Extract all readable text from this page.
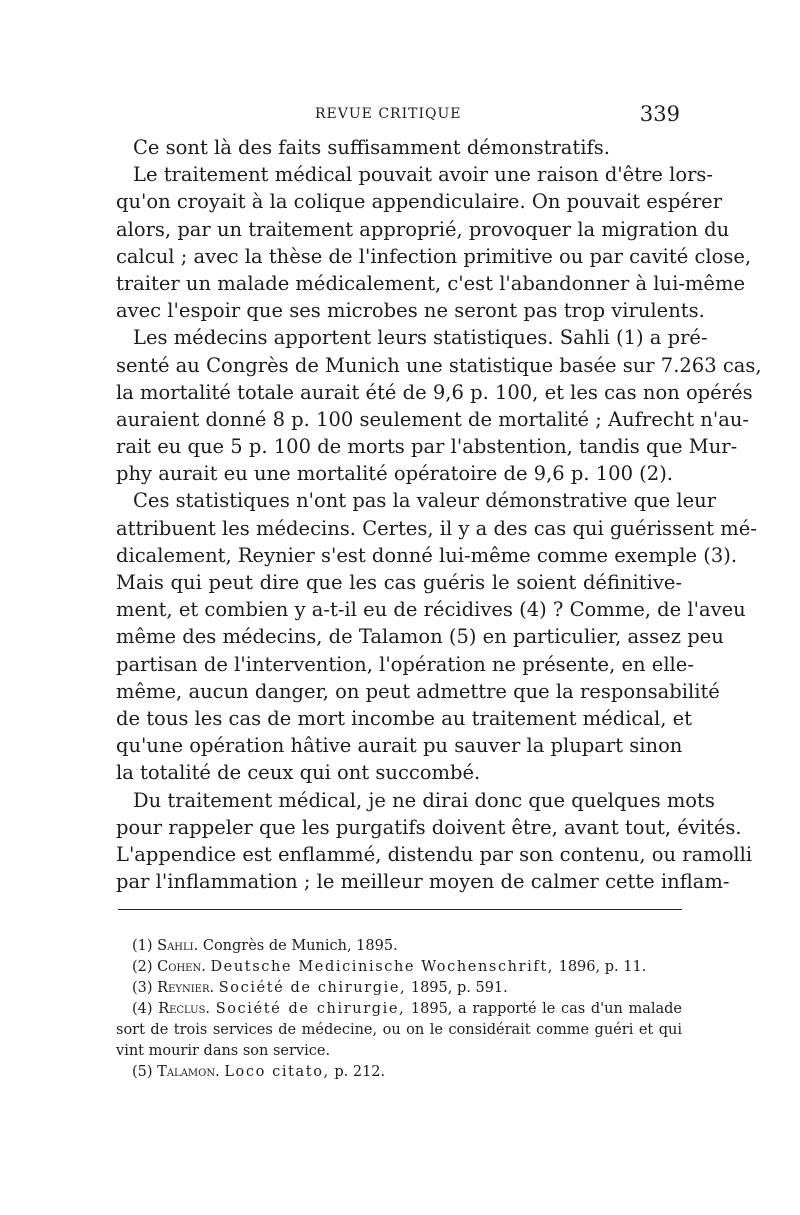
REVUE CRITIQUE	339
Ce sont là des faits suffisamment démonstratifs.
Le traitement médical pouvait avoir une raison d'être lors-
qu'on croyait à la colique appendiculaire. On pouvait espérer
alors, par un traitement approprié, provoquer la migration du
calcul ; avec la thèse de l'infection primitive ou par cavité close,
traiter un malade médicalement, c'est l'abandonner à lui-même
avec l'espoir que ses microbes ne seront pas trop virulents.
Les médecins apportent leurs statistiques. Sahli (1) a pré-
senté au Congrès de Munich une statistique basée sur 7.263 cas,
la mortalité totale aurait été de 9,6 p. 100, et les cas non opérés
auraient donné 8 p. 100 seulement de mortalité ; Aufrecht n'au-
rait eu que 5 p. 100 de morts par l'abstention, tandis que Mur-
phy aurait eu une mortalité opératoire de 9,6 p. 100 (2).
Ces statistiques n'ont pas la valeur démonstrative que leur
attribuent les médecins. Certes, il y a des cas qui guérissent mé-
dicalement, Reynier s'est donné lui-même comme exemple (3).
Mais qui peut dire que les cas guéris le soient définitive-
ment, et combien y a-t-il eu de récidives (4) ? Comme, de l'aveu
même des médecins, de Talamon (5) en particulier, assez peu
partisan de l'intervention, l'opération ne présente, en elle-
même, aucun danger, on peut admettre que la responsabilité
de tous les cas de mort incombe au traitement médical, et
qu'une opération hâtive aurait pu sauver la plupart sinon
la totalité de ceux qui ont succombé.
Du traitement médical, je ne dirai donc que quelques mots
pour rappeler que les purgatifs doivent être, avant tout, évités.
L'appendice est enflammé, distendu par son contenu, ou ramolli
par l'inflammation ; le meilleur moyen de calmer cette inflam-
(1) Sahli. Congrès de Munich, 1895.
(2) Cohen. Deutsche Medicinische Wochenschrift, 1896, p. 11.
(3) Reynier. Société de chirurgie, 1895, p. 591.
(4) Reclus. Société de chirurgie, 1895, a rapporté le cas d'un malade sort de trois services de médecine, ou on le considérait comme guéri et qui vint mourir dans son service.
(5) Talamon. Loco citato, p. 212.
